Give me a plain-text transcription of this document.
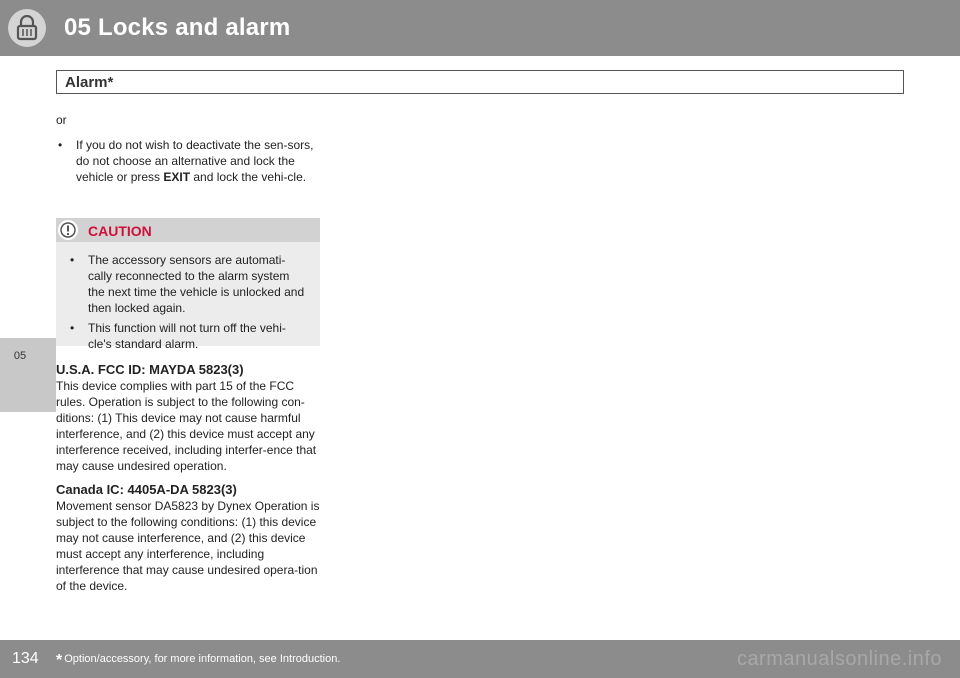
05 Locks and alarm
05
Alarm*

or

• If you do not wish to deactivate the sen-sors, do not choose an alternative and lock the vehicle or press EXIT and lock the vehi-cle.
CAUTION
• The accessory sensors are automati-cally reconnected to the alarm system the next time the vehicle is unlocked and then locked again.
• This function will not turn off the vehi-cle's standard alarm.

U.S.A. FCC ID: MAYDA 5823(3)

This device complies with part 15 of the FCC rules. Operation is subject to the following con-ditions: (1) This device may not cause harmful interference, and (2) this device must accept any interference received, including interfer-ence that may cause undesired operation.

Canada IC: 4405A-DA 5823(3)

Movement sensor DA5823 by Dynex Operation is subject to the following conditions: (1) this device may not cause interference, and (2) this device must accept any interference, including interference that may cause undesired opera-tion of the device.

134 * Option/accessory, for more information, see Introduction.	carmanualsonline.info
